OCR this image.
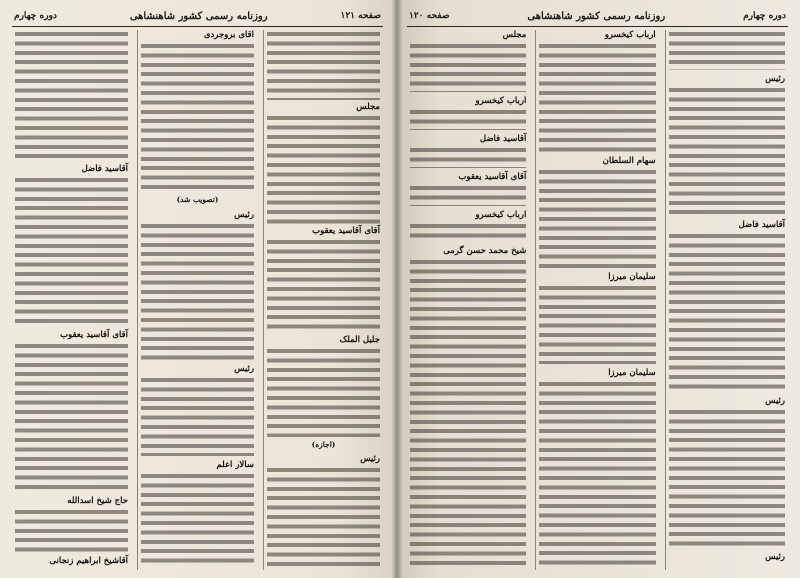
صفحه ۱۲۱
روزنامه رسمی کشور شاهنشاهی
دوره چهارم
مجلس
آقای آقاسید یعقوب
جلیل الملک
(اجازه)
رئیس
آقای بروجردی
(تصویب شد)
رئیس
رئیس
سالار اعلم
آقاسید فاضل
آقای آقاسید یعقوب
حاج شیخ اسدالله
آقاشیخ ابراهیم زنجانی
دوره چهارم
روزنامه رسمی کشور شاهنشاهی
صفحه ۱۲۰
رئیس
آقاسید فاضل
رئیس
رئیس
ارباب کیخسرو
سهام السلطان
سلیمان میرزا
سلیمان میرزا
مجلس
ارباب کیخسرو
آقاسید فاضل
آقای آقاسید یعقوب
ارباب کیخسرو
شیخ محمد حسن گرمی
